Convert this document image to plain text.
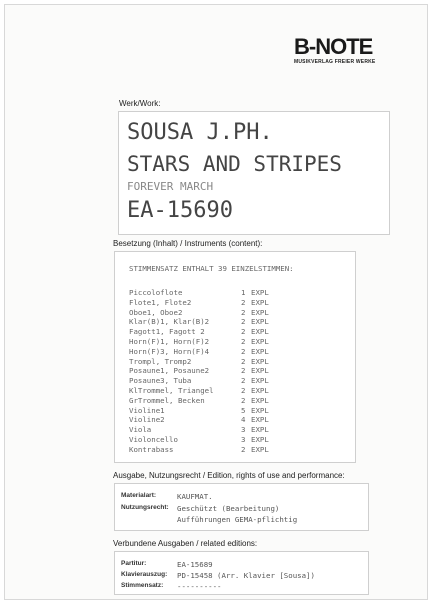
B-NOTE
MUSIKVERLAG FREIER WERKE
Werk/Work:
SOUSA J.PH.
STARS AND STRIPES
FOREVER MARCH
EA-15690
Besetzung (Inhalt) / Instruments (content):
STIMMENSATZ ENTHALT 39 EINZELSTIMMEN:
Piccoloflote	1 EXPL
Flote1, Flote2	2 EXPL
Oboe1, Oboe2	2 EXPL
Klar(B)1, Klar(B)2	2 EXPL
Fagott1, Fagott 2	2 EXPL
Horn(F)1, Horn(F)2	2 EXPL
Horn(F)3, Horn(F)4	2 EXPL
Trompl, Tromp2	2 EXPL
Posaune1, Posaune2	2 EXPL
Posaune3, Tuba	2 EXPL
KlTrommel, Triangel	2 EXPL
GrTrommel, Becken	2 EXPL
Violine1	5 EXPL
Violine2	4 EXPL
Viola	3 EXPL
Violoncello	3 EXPL
Kontrabass	2 EXPL
Ausgabe, Nutzungsrecht / Edition, rights of use and performance:
Materialart:	KAUFMAT.
Nutzungsrecht: Geschützt (Bearbeitung)
Aufführungen GEMA-pflichtig
Verbundene Ausgaben / related editions:
Partitur:	EA-15689
Klavierauszug: PD-15458 (Arr. Klavier [Sousa])
Stimmensatz: ----------
